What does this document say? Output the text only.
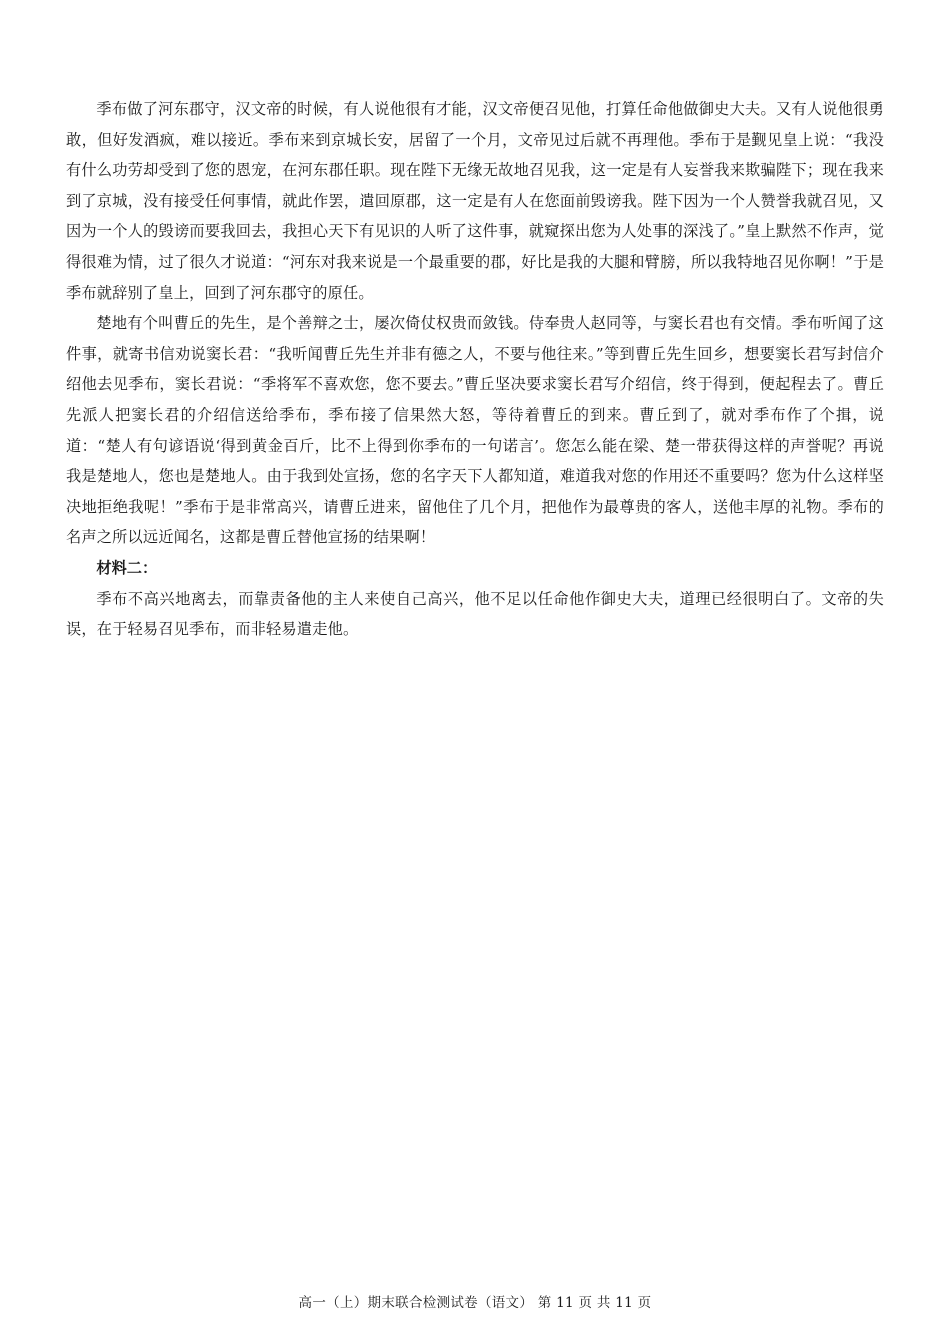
季布做了河东郡守，汉文帝的时候，有人说他很有才能，汉文帝便召见他，打算任命他做御史大夫。又有人说他很勇敢，但好发酒疯，难以接近。季布来到京城长安，居留了一个月，文帝见过后就不再理他。季布于是觐见皇上说：“我没有什么功劳却受到了您的恩宠，在河东郡任职。现在陛下无缘无故地召见我，这一定是有人妄誉我来欺骗陛下；现在我来到了京城，没有接受任何事情，就此作罢，遣回原郡，这一定是有人在您面前毁谤我。陛下因为一个人赞誉我就召见，又因为一个人的毁谤而要我回去，我担心天下有见识的人听了这件事，就窥探出您为人处事的深浅了。”皇上默然不作声，觉得很难为情，过了很久才说道：“河东对我来说是一个最重要的郡，好比是我的大腿和臂膀，所以我特地召见你啊！”于是季布就辞别了皇上，回到了河东郡守的原任。

楚地有个叫曹丘的先生，是个善辩之士，屡次倚仗权贵而敛钱。侍奉贵人赵同等，与窦长君也有交情。季布听闻了这件事，就寄书信劝说窦长君：“我听闻曹丘先生并非有德之人，不要与他往来。”等到曹丘先生回乡，想要窦长君写封信介绍他去见季布，窦长君说：“季将军不喜欢您，您不要去。”曹丘坚决要求窦长君写介绍信，终于得到，便起程去了。曹丘先派人把窦长君的介绍信送给季布，季布接了信果然大怒，等待着曹丘的到来。曹丘到了，就对季布作了个揖，说道：“楚人有句谚语说‘得到黄金百斤，比不上得到你季布的一句诺言’。您怎么能在梁、楚一带获得这样的声誉呢？再说我是楚地人，您也是楚地人。由于我到处宣扬，您的名字天下人都知道，难道我对您的作用还不重要吗？您为什么这样坚决地拒绝我呢！”季布于是非常高兴，请曹丘进来，留他住了几个月，把他作为最尊贵的客人，送他丰厚的礼物。季布的名声之所以远近闻名，这都是曹丘替他宣扬的结果啊！

材料二：

季布不高兴地离去，而靠责备他的主人来使自己高兴，他不足以任命他作御史大夫，道理已经很明白了。文帝的失误，在于轻易召见季布，而非轻易遣走他。

高一（上）期末联合检测试卷（语文） 第 11 页 共 11 页
